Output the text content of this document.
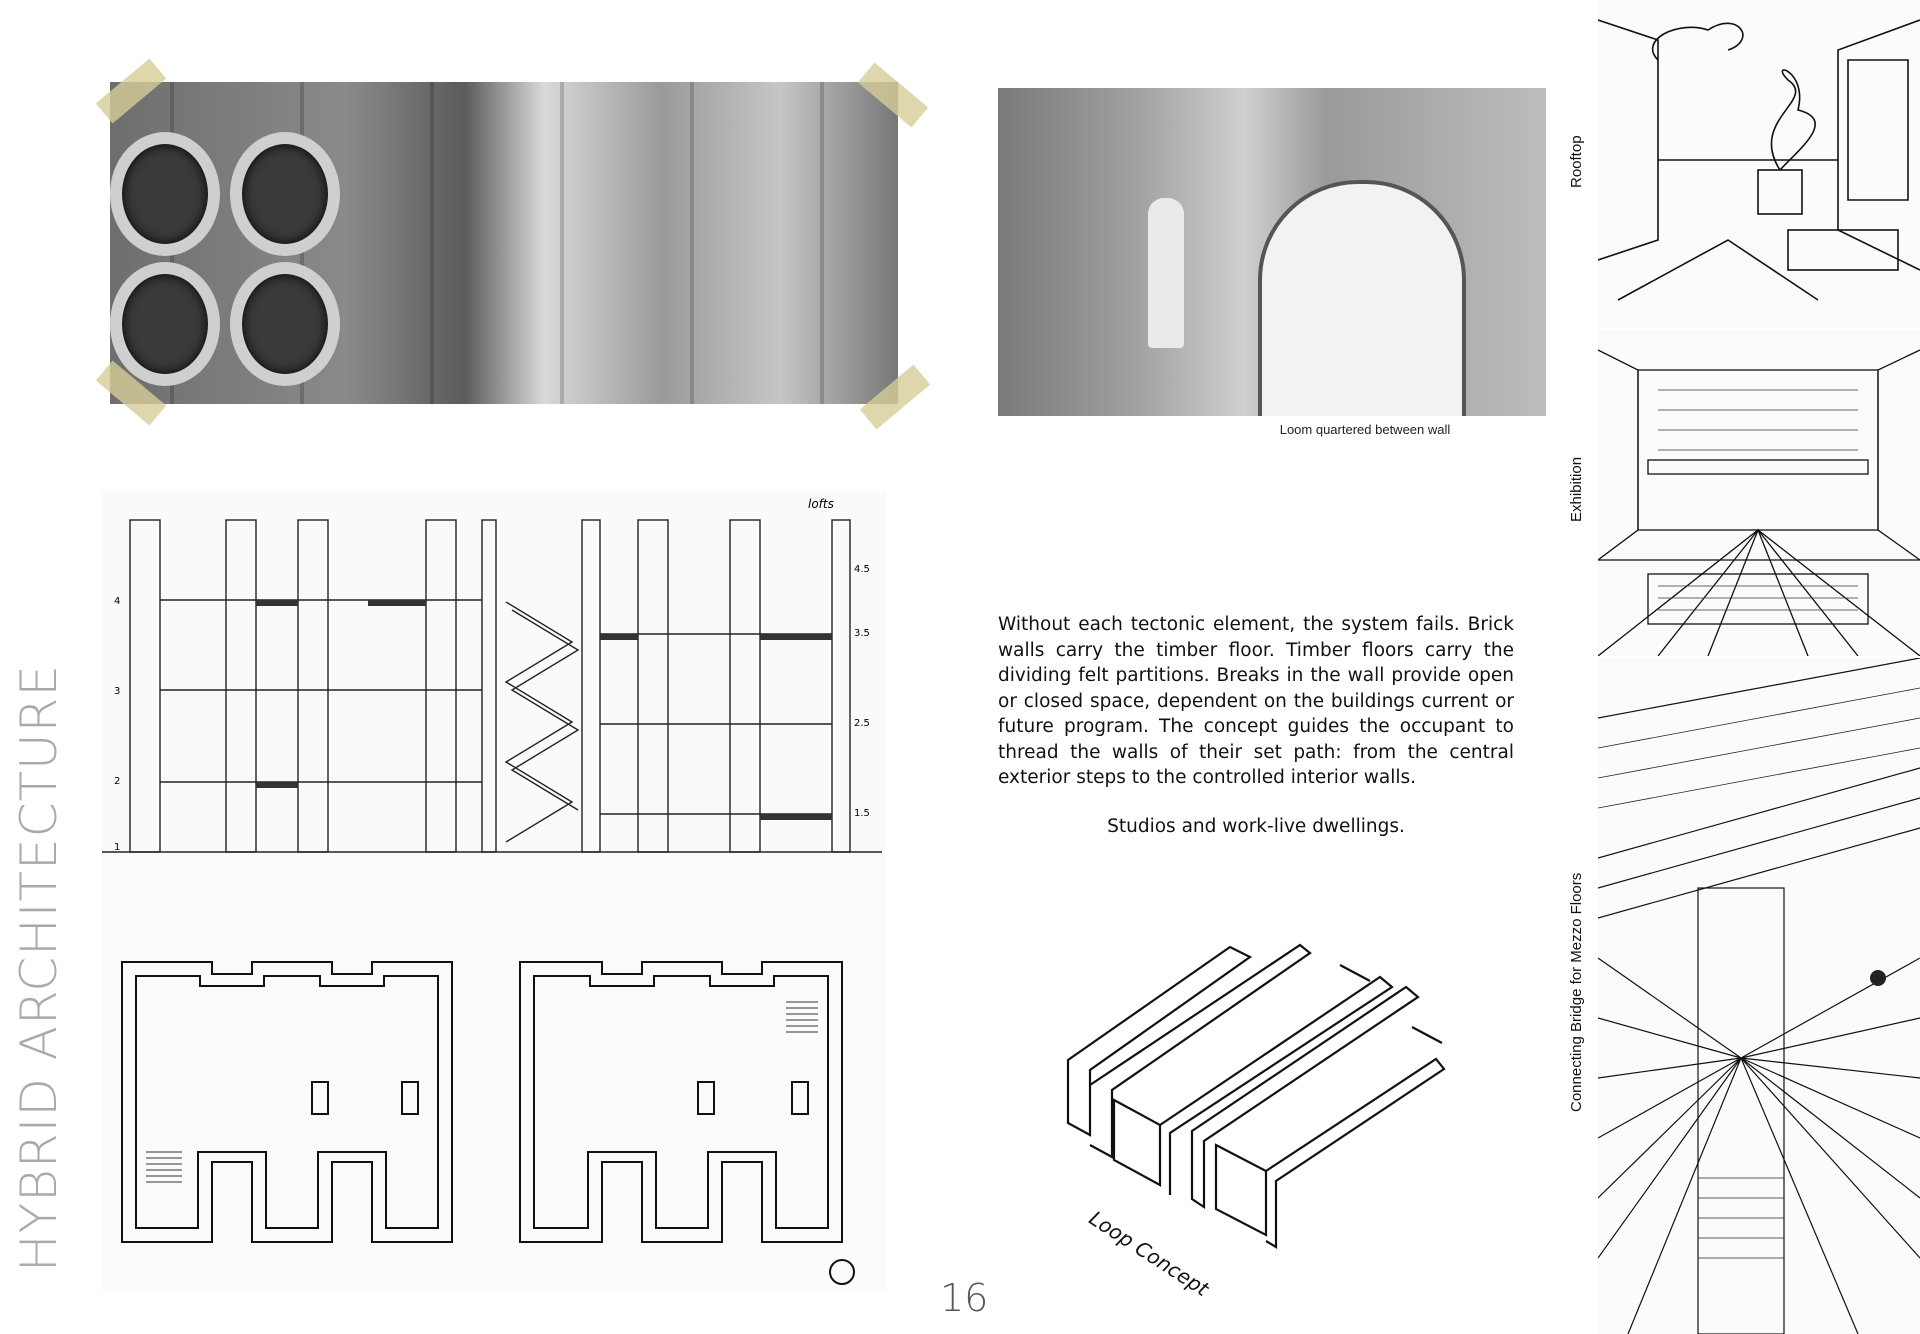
HYBRID ARCHITECTURE
Loom quartered between wall
lofts
4
3
2
1
4.5
3.5
2.5
1.5
Without each tectonic element, the system fails. Brick walls carry the timber floor. Timber floors carry the dividing felt partitions. Breaks in the wall provide open or closed space, dependent on the buildings current or future program. The concept guides the occupant to thread the walls of their set path: from the central exterior steps to the controlled interior walls.
Studios and work-live dwellings.
Loop Concept
16
Rooftop
Exhibition
Connecting Bridge for Mezzo Floors
